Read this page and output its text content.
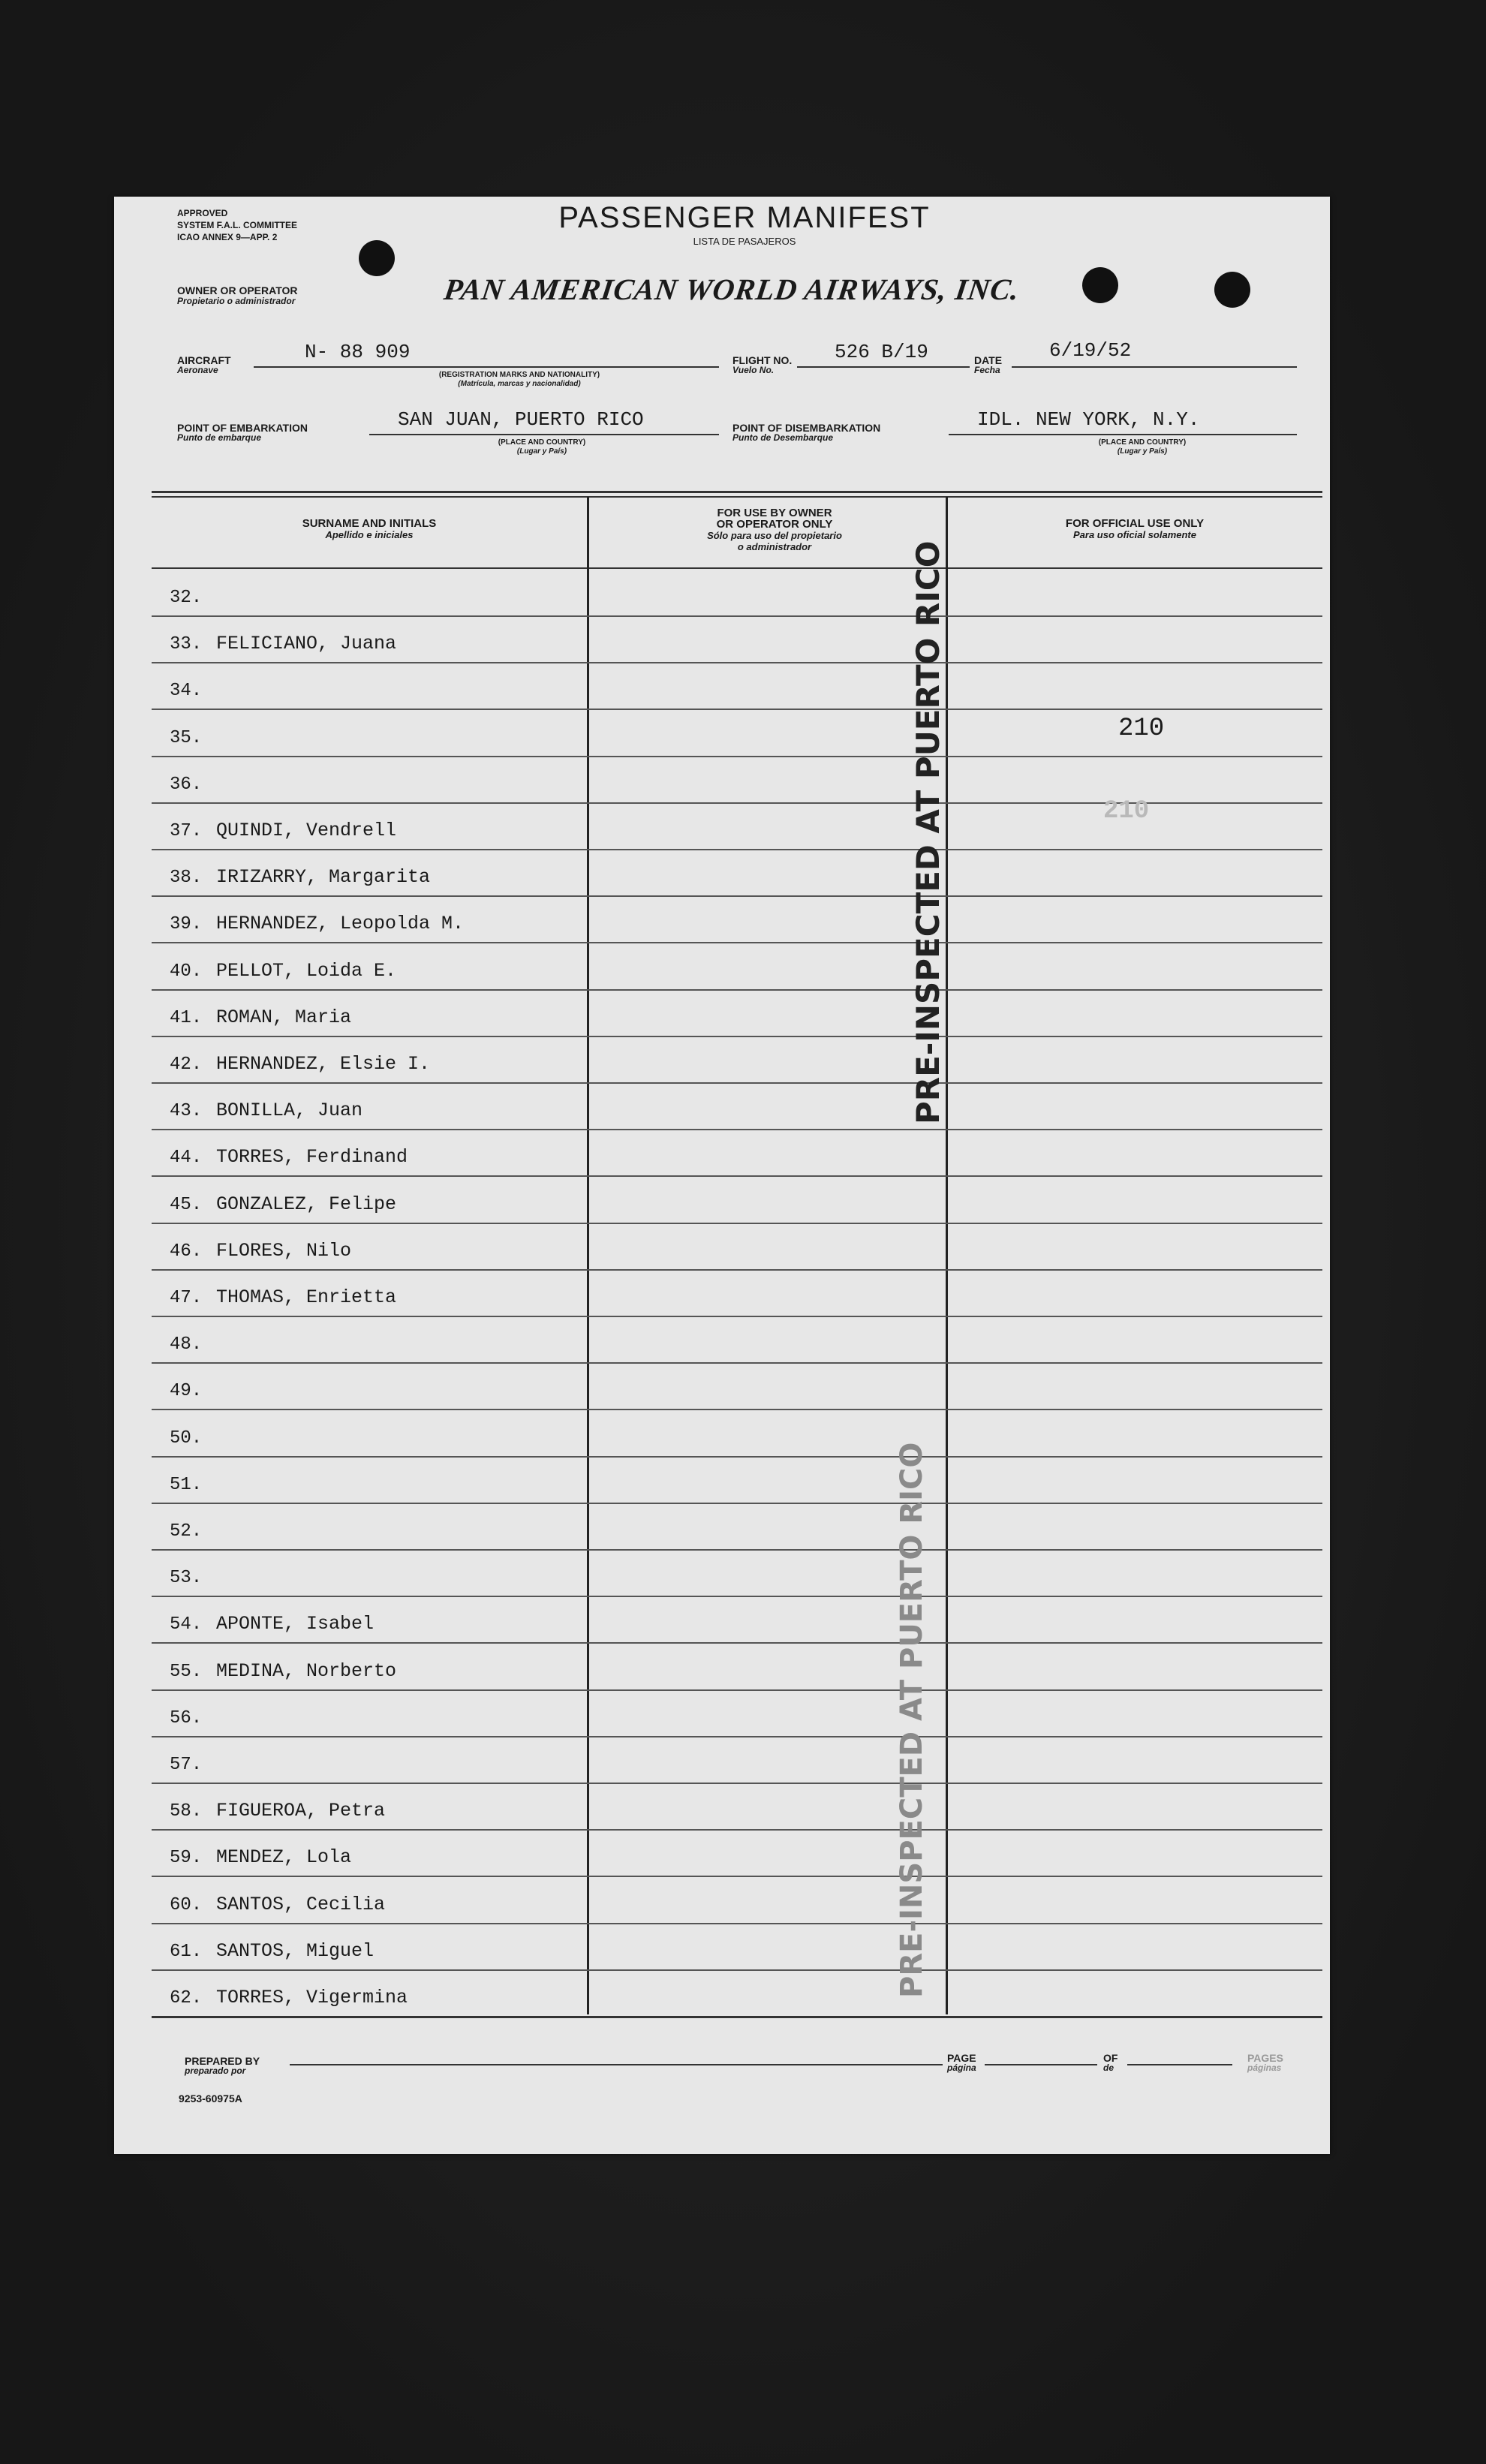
APPROVED
SYSTEM F.A.L. COMMITTEE
ICAO ANNEX 9—APP. 2
PASSENGER MANIFEST
LISTA DE PASAJEROS
OWNER OR OPERATOR
Propietario o administrador	PAN AMERICAN WORLD AIRWAYS, INC.
AIRCRAFT
Aeronave
N- 88 909
(REGISTRATION MARKS AND NATIONALITY)
(Matrícula, marcas y nacionalidad)
FLIGHT NO.
Vuelo No.
526 B/19	DATE
Fecha
6/19/52
POINT OF EMBARKATION
Punto de embarque
SAN JUAN, PUERTO RICO
(PLACE AND COUNTRY)
(Lugar y País)
POINT OF DISEMBARKATION
Punto de Desembarque
IDL. NEW YORK, N.Y.
(PLACE AND COUNTRY)
(Lugar y País)
SURNAME AND INITIALS
Apellido e iniciales
FOR USE BY OWNER
OR OPERATOR ONLY
Sólo para uso del propietario
o administrador
FOR OFFICIAL USE ONLY
Para uso oficial solamente
32.
33. FELICIANO, Juana
34.
35.
36.
37. QUINDI, Vendrell
38. IRIZARRY, Margarita
39. HERNANDEZ, Leopolda M.
40. PELLOT, Loida E.
41. ROMAN, Maria
42. HERNANDEZ, Elsie I.
43. BONILLA, Juan
44. TORRES, Ferdinand
45. GONZALEZ, Felipe
46. FLORES, Nilo
47. THOMAS, Enrietta
48.
49.
50.
51.
52.
53.
54. APONTE, Isabel
55. MEDINA, Norberto
56.
57.
58. FIGUEROA, Petra
59. MENDEZ, Lola
60. SANTOS, Cecilia
61. SANTOS, Miguel
62. TORRES, Vigermina
210
210
PRE-INSPECTED AT PUERTO RICO
PRE-INSPECTED AT PUERTO RICO
PREPARED BY
preparado por
PAGE
página
OF
de
PAGES
páginas
9253-60975A
